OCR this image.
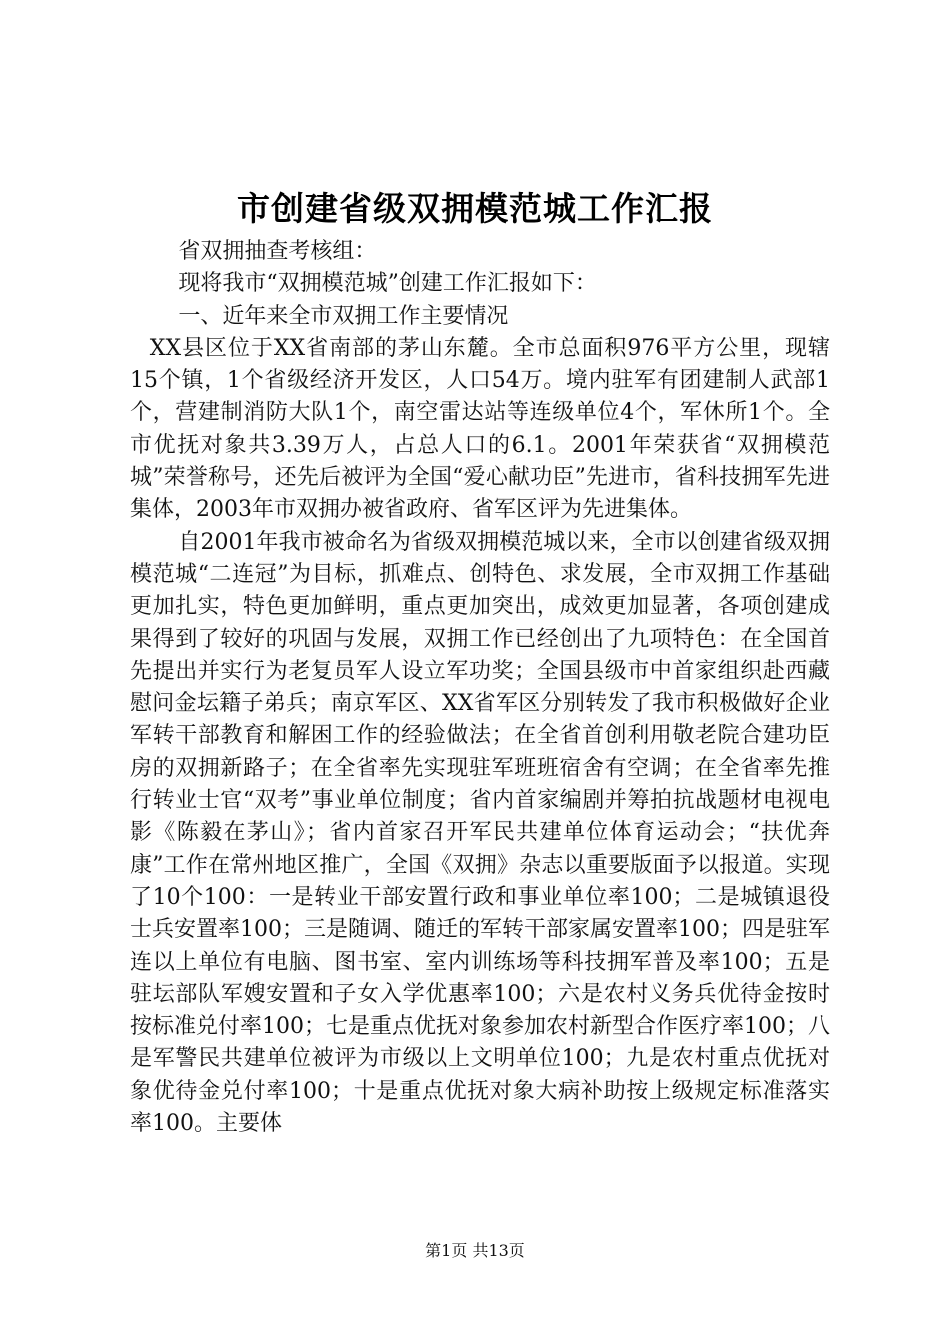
市创建省级双拥模范城工作汇报

省双拥抽查考核组：

现将我市“双拥模范城”创建工作汇报如下：

一、近年来全市双拥工作主要情况

XX县区位于XX省南部的茅山东麓。全市总面积976平方公里，现辖15个镇，1个省级经济开发区，人口54万。境内驻军有团建制人武部1个，营建制消防大队1个，南空雷达站等连级单位4个，军休所1个。全市优抚对象共3.39万人，占总人口的6.1。2001年荣获省“双拥模范城”荣誉称号，还先后被评为全国“爱心献功臣”先进市，省科技拥军先进集体，2003年市双拥办被省政府、省军区评为先进集体。

自2001年我市被命名为省级双拥模范城以来，全市以创建省级双拥模范城“二连冠”为目标，抓难点、创特色、求发展，全市双拥工作基础更加扎实，特色更加鲜明，重点更加突出，成效更加显著，各项创建成果得到了较好的巩固与发展，双拥工作已经创出了九项特色：在全国首先提出并实行为老复员军人设立军功奖；全国县级市中首家组织赴西藏慰问金坛籍子弟兵；南京军区、XX省军区分别转发了我市积极做好企业军转干部教育和解困工作的经验做法；在全省首创利用敬老院合建功臣房的双拥新路子；在全省率先实现驻军班班宿舍有空调；在全省率先推行转业士官“双考”事业单位制度；省内首家编剧并筹拍抗战题材电视电影《陈毅在茅山》；省内首家召开军民共建单位体育运动会；“扶优奔康”工作在常州地区推广，全国《双拥》杂志以重要版面予以报道。实现了10个100：一是转业干部安置行政和事业单位率100；二是城镇退役士兵安置率100；三是随调、随迁的军转干部家属安置率100；四是驻军连以上单位有电脑、图书室、室内训练场等科技拥军普及率100；五是驻坛部队军嫂安置和子女入学优惠率100；六是农村义务兵优待金按时按标准兑付率100；七是重点优抚对象参加农村新型合作医疗率100；八是军警民共建单位被评为市级以上文明单位100；九是农村重点优抚对象优待金兑付率100；十是重点优抚对象大病补助按上级规定标准落实率100。主要体

第1页 共13页
